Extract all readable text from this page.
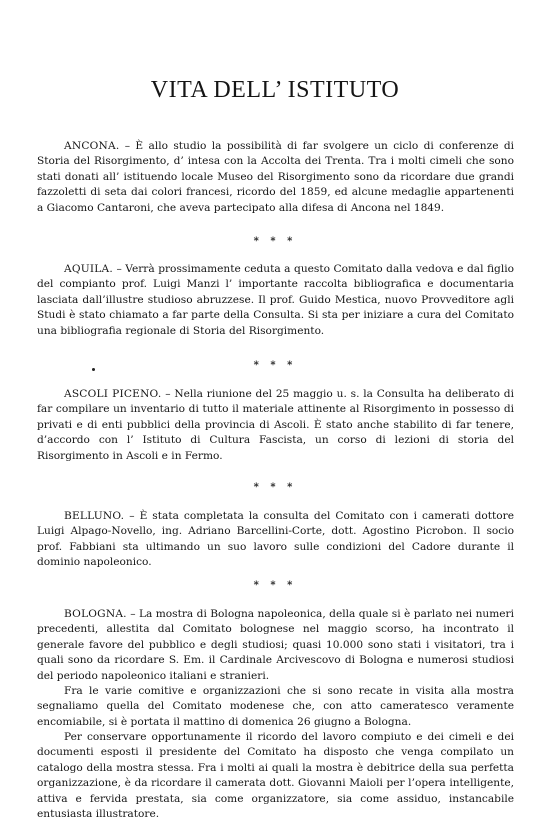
VITA DELL’ ISTITUTO

ANCONA. – È allo studio la possibilità di far svolgere un ciclo di conferenze di Storia del Risorgimento, d’ intesa con la Accolta dei Trenta. Tra i molti cimeli che sono stati donati all’ istituendo locale Museo del Risorgimento sono da ricordare due grandi fazzoletti di seta dai colori francesi, ricordo del 1859, ed alcune medaglie appartenenti a Giacomo Cantaroni, che aveva partecipato alla difesa di Ancona nel 1849.

* * *

AQUILA. – Verrà prossimamente ceduta a questo Comitato dalla vedova e dal figlio del compianto prof. Luigi Manzi l’ importante raccolta bibliografica e documentaria lasciata dall’illustre studioso abruzzese. Il prof. Guido Mestica, nuovo Provveditore agli Studi è stato chiamato a far parte della Consulta. Si sta per iniziare a cura del Comitato una bibliografia regionale di Storia del Risorgimento.

* * *

ASCOLI PICENO. – Nella riunione del 25 maggio u. s. la Consulta ha deliberato di far compilare un inventario di tutto il materiale attinente al Risorgimento in possesso di privati e di enti pubblici della provincia di Ascoli. È stato anche stabilito di far tenere, d’accordo con l’ Istituto di Cultura Fascista, un corso di lezioni di storia del Risorgimento in Ascoli e in Fermo.

* * *

BELLUNO. – È stata completata la consulta del Comitato con i camerati dottore Luigi Alpago-Novello, ing. Adriano Barcellini-Corte, dott. Agostino Picrobon. Il socio prof. Fabbiani sta ultimando un suo lavoro sulle condizioni del Cadore durante il dominio napoleonico.

* * *

BOLOGNA. – La mostra di Bologna napoleonica, della quale si è parlato nei numeri precedenti, allestita dal Comitato bolognese nel maggio scorso, ha incontrato il generale favore del pubblico e degli studiosi; quasi 10.000 sono stati i visitatori, tra i quali sono da ricordare S. Em. il Cardinale Arcivescovo di Bologna e numerosi studiosi del periodo napoleonico italiani e stranieri.

Fra le varie comitive e organizzazioni che si sono recate in visita alla mostra segnaliamo quella del Comitato modenese che, con atto cameratesco veramente encomiabile, si è portata il mattino di domenica 26 giugno a Bologna.

Per conservare opportunamente il ricordo del lavoro compiuto e dei cimeli e dei documenti esposti il presidente del Comitato ha disposto che venga compilato un catalogo della mostra stessa. Fra i molti ai quali la mostra è debitrice della sua perfetta organizzazione, è da ricordare il camerata dott. Giovanni Maioli per l’opera intelligente, attiva e fervida prestata, sia come organizzatore, sia come assiduo, instancabile entusiasta illustratore.
